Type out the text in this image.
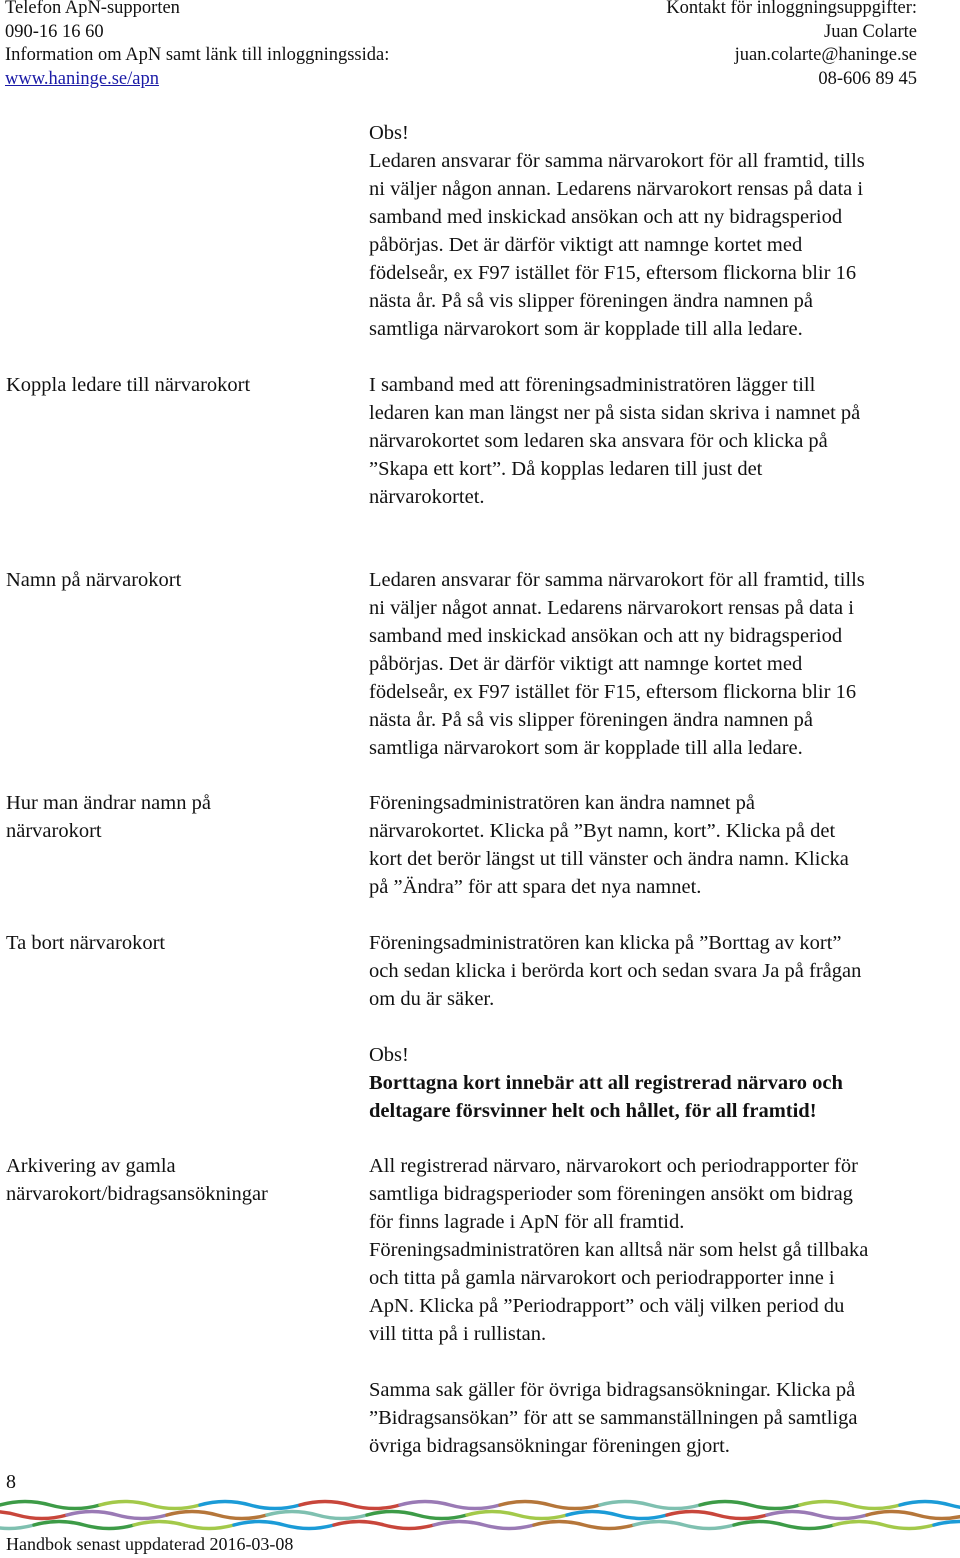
Telefon ApN-supporten
090-16 16 60
Information om ApN samt länk till inloggningssida:
www.haninge.se/apn
Kontakt för inloggningsuppgifter:
Juan Colarte
juan.colarte@haninge.se
08-606 89 45

Obs!

Ledaren ansvarar för samma närvarokort för all framtid, tills
ni väljer någon annan. Ledarens närvarokort rensas på data i
samband med inskickad ansökan och att ny bidragsperiod
påbörjas. Det är därför viktigt att namnge kortet med
födelseår, ex F97 istället för F15, eftersom flickorna blir 16
nästa år. På så vis slipper föreningen ändra namnen på
samtliga närvarokort som är kopplade till alla ledare.

Koppla ledare till närvarokort	I samband med att föreningsadministratören lägger till
ledaren kan man längst ner på sista sidan skriva i namnet på
närvarokortet som ledaren ska ansvara för och klicka på
”Skapa ett kort”. Då kopplas ledaren till just det
närvarokortet.

Namn på närvarokort	Ledaren ansvarar för samma närvarokort för all framtid, tills
ni väljer något annat. Ledarens närvarokort rensas på data i
samband med inskickad ansökan och att ny bidragsperiod
påbörjas. Det är därför viktigt att namnge kortet med
födelseår, ex F97 istället för F15, eftersom flickorna blir 16
nästa år. På så vis slipper föreningen ändra namnen på
samtliga närvarokort som är kopplade till alla ledare.

Hur man ändrar namn på
närvarokort

Föreningsadministratören kan ändra namnet på
närvarokortet. Klicka på ”Byt namn, kort”. Klicka på det
kort det berör längst ut till vänster och ändra namn. Klicka
på ”Ändra” för att spara det nya namnet.

Ta bort närvarokort	Föreningsadministratören kan klicka på ”Borttag av kort”
och sedan klicka i berörda kort och sedan svara Ja på frågan
om du är säker.

Obs!

Borttagna kort innebär att all registrerad närvaro och
deltagare försvinner helt och hållet, för all framtid!

Arkivering av gamla
närvarokort/bidragsansökningar

All registrerad närvaro, närvarokort och periodrapporter för
samtliga bidragsperioder som föreningen ansökt om bidrag
för finns lagrade i ApN för all framtid.
Föreningsadministratören kan alltså när som helst gå tillbaka
och titta på gamla närvarokort och periodrapporter inne i
ApN. Klicka på ”Periodrapport” och välj vilken period du
vill titta på i rullistan.

Samma sak gäller för övriga bidragsansökningar. Klicka på
”Bidragsansökan” för att se sammanställningen på samtliga
övriga bidragsansökningar föreningen gjort.

8
Handbok senast uppdaterad 2016-03-08
